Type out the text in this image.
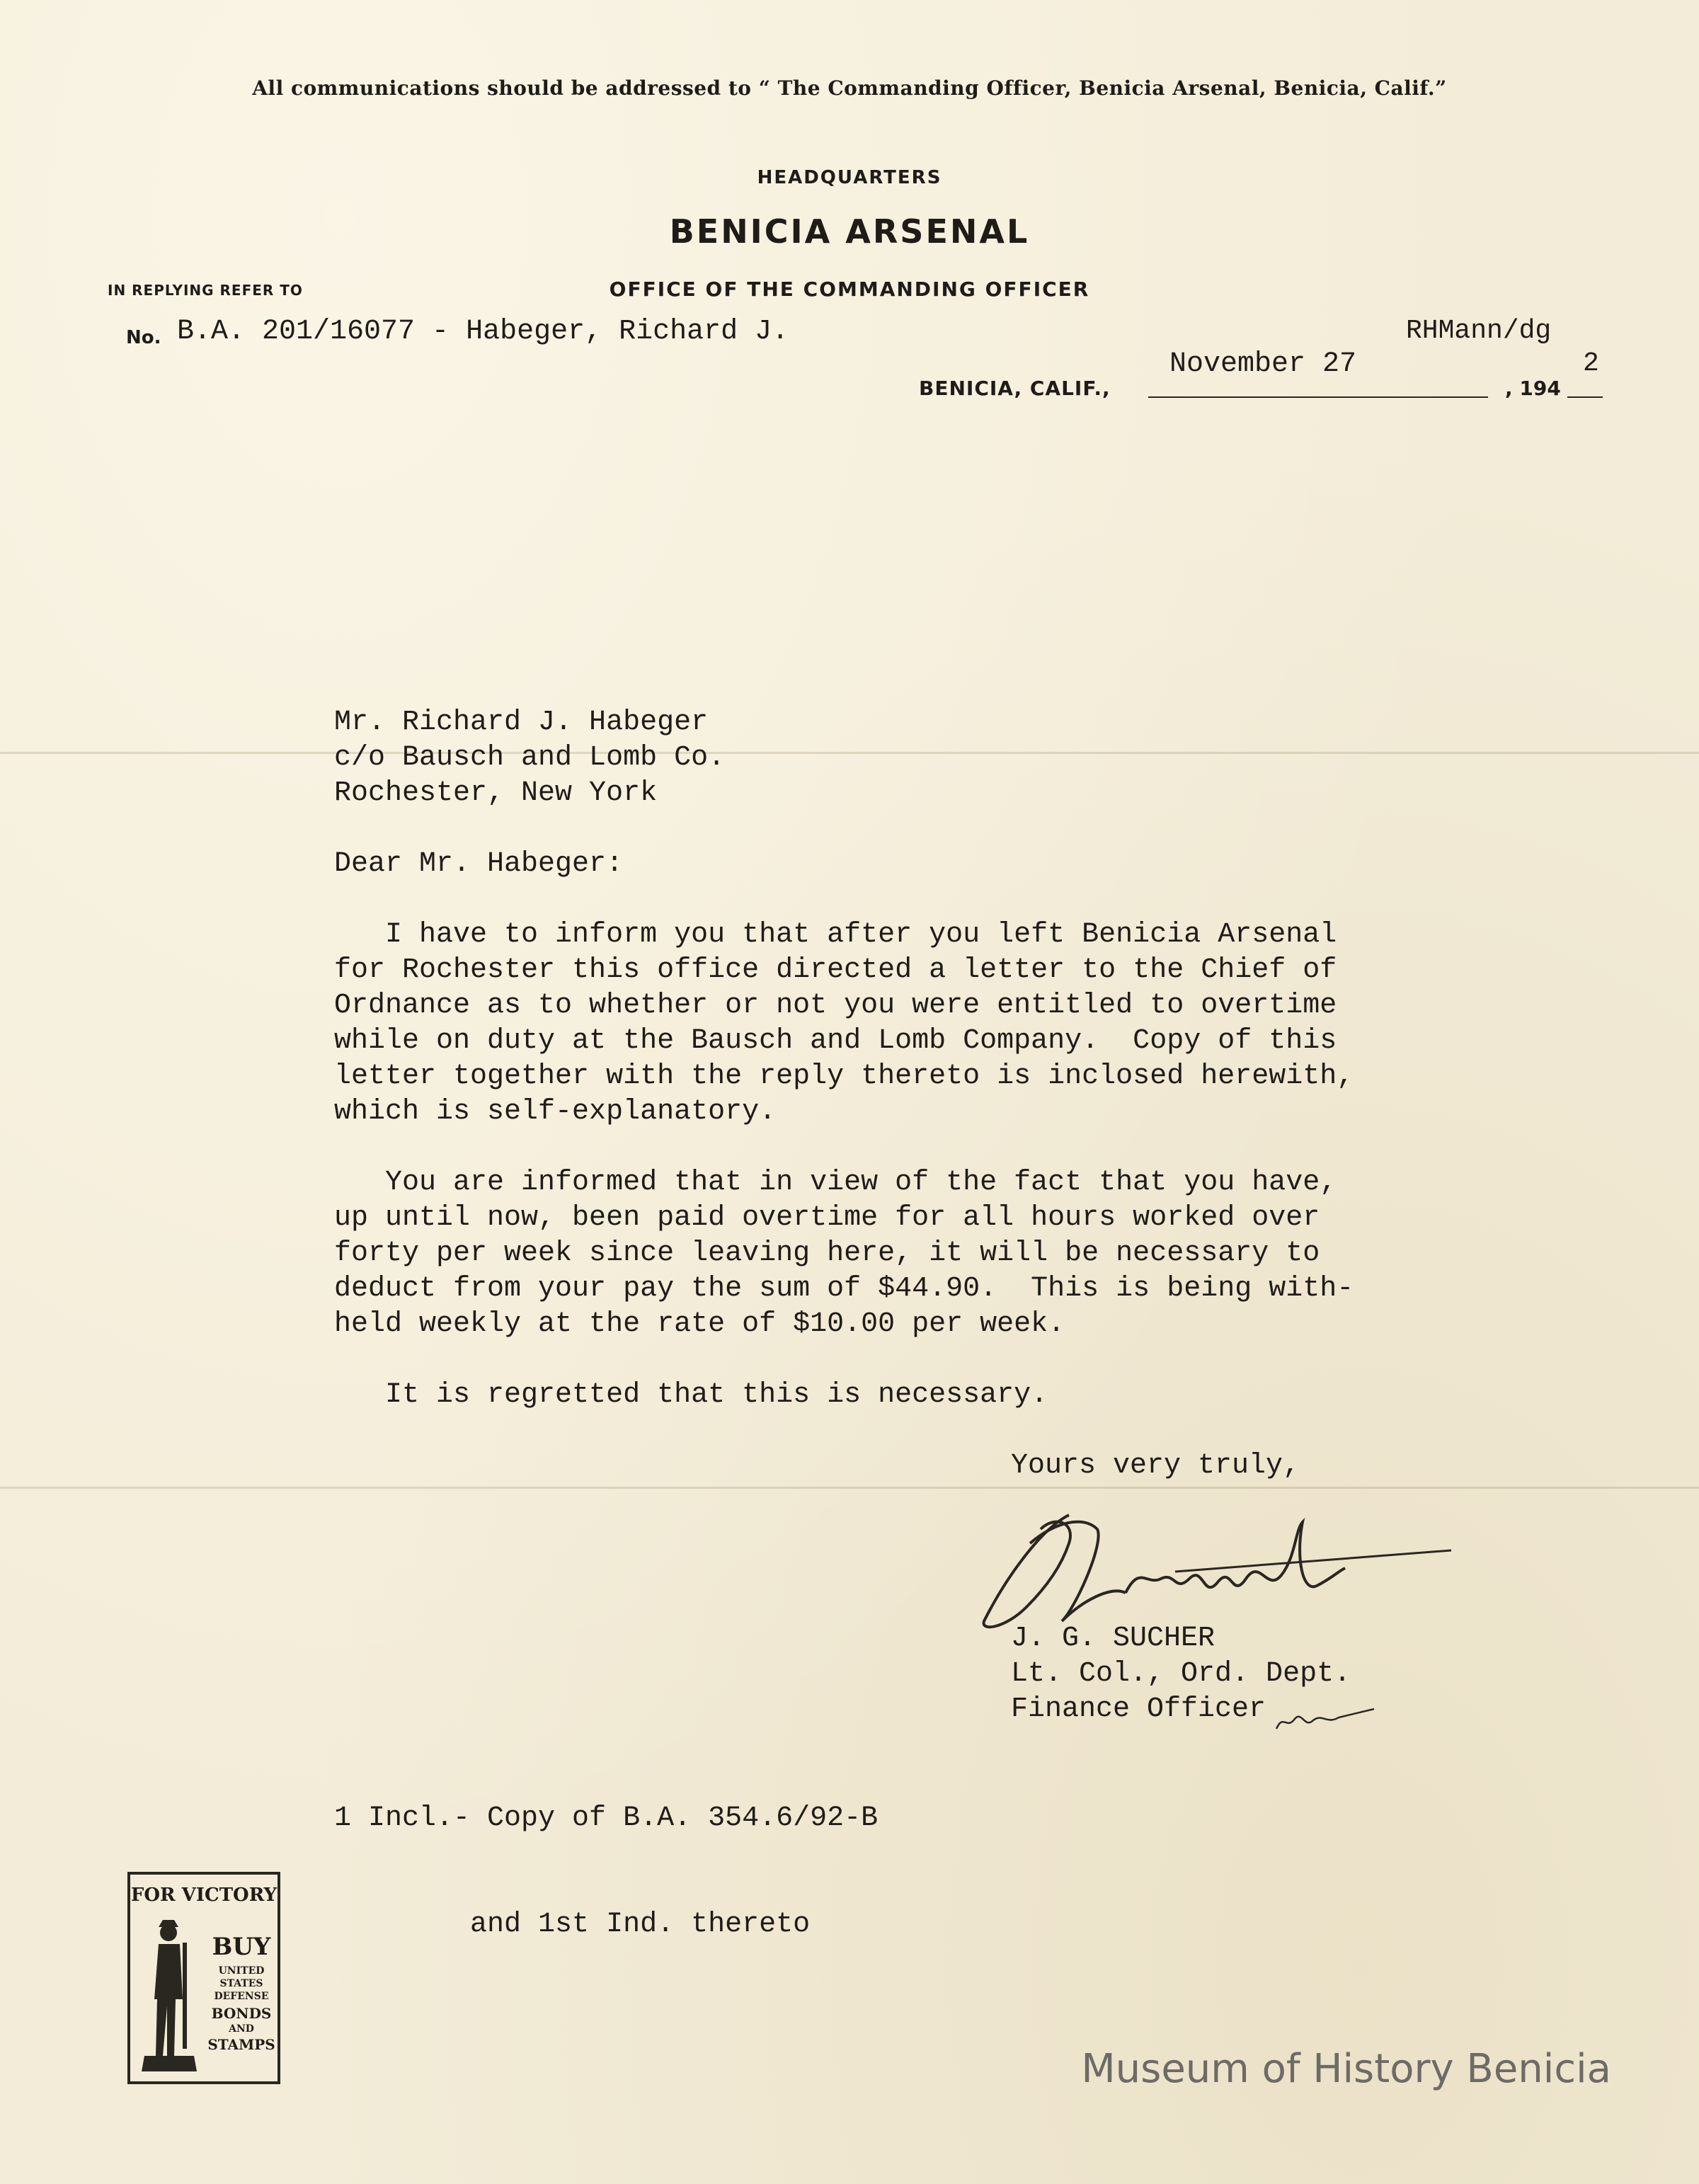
All communications should be addressed to “ The Commanding Officer, Benicia Arsenal, Benicia, Calif.”
HEADQUARTERS
BENICIA ARSENAL
OFFICE OF THE COMMANDING OFFICER
IN REPLYING REFER TO
No. B.A. 201/16077 - Habeger, Richard J.	RHMann/dg
November 27	2
BENICIA, CALIF.,	, 194
Mr. Richard J. Habeger
c/o Bausch and Lomb Co.
Rochester, New York
Dear Mr. Habeger:
I have to inform you that after you left Benicia Arsenal
for Rochester this office directed a letter to the Chief of
Ordnance as to whether or not you were entitled to overtime
while on duty at the Bausch and Lomb Company.  Copy of this
letter together with the reply thereto is inclosed herewith,
which is self-explanatory.
You are informed that in view of the fact that you have,
up until now, been paid overtime for all hours worked over
forty per week since leaving here, it will be necessary to
deduct from your pay the sum of $44.90.  This is being with-
held weekly at the rate of $10.00 per week.
It is regretted that this is necessary.
Yours very truly,
J. G. SUCHER
Lt. Col., Ord. Dept.
Finance Officer

1 Incl.- Copy of B.A. 354.6/92-B

and 1st Ind. thereto

FOR VICTORY
BUY
UNITED
STATES
DEFENSE
BONDS
AND
STAMPS
Museum of History Benicia
